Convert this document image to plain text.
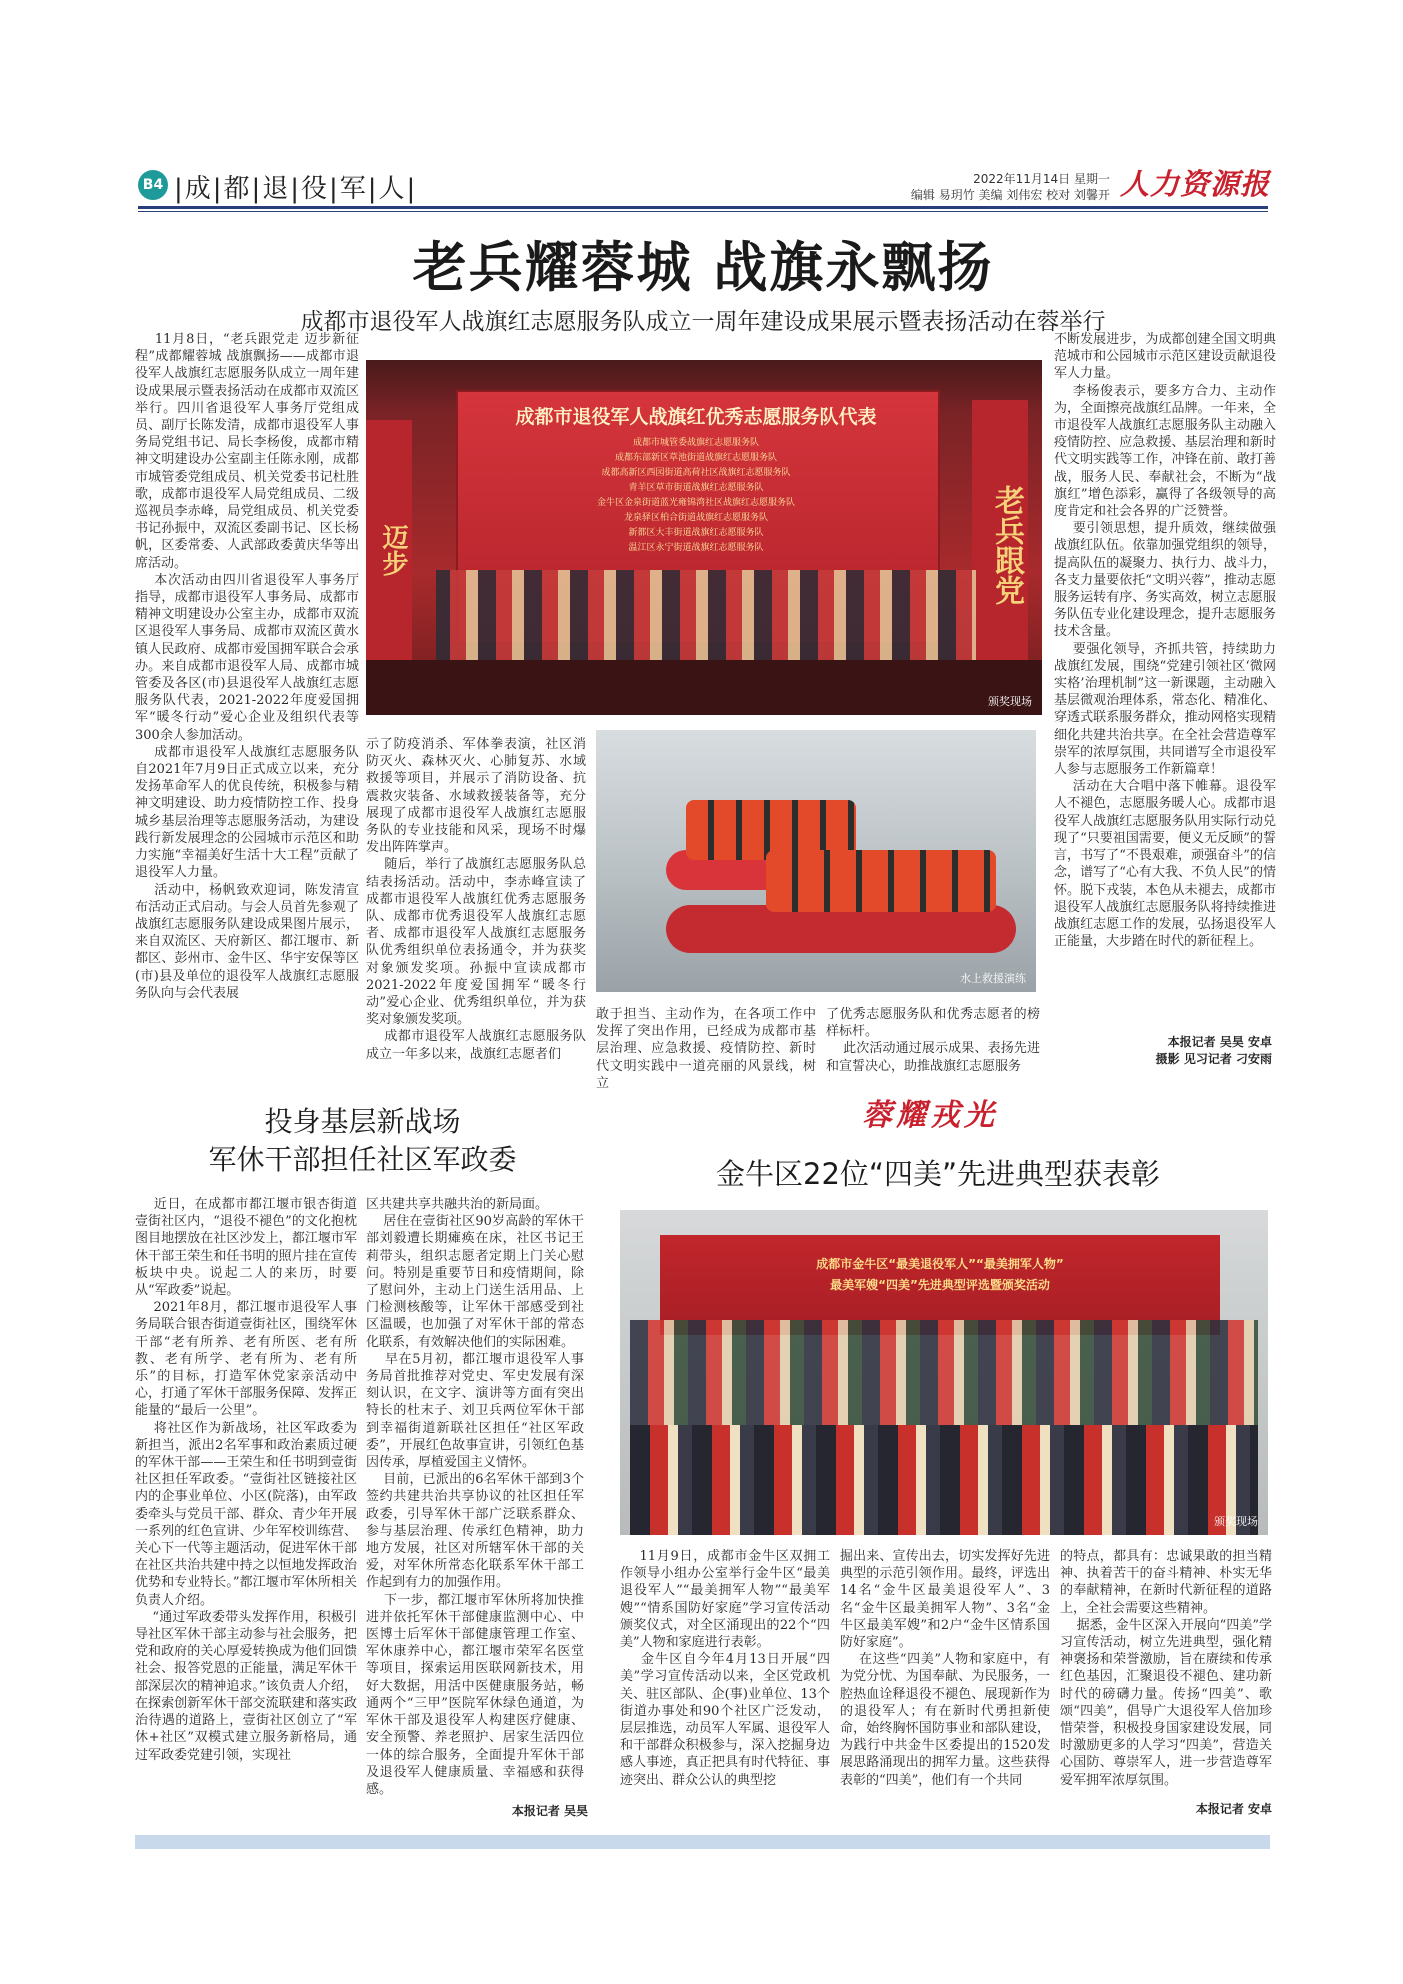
B4 |成|都|退|役|军|人|	2022年11月14日 星期一
编辑 易玥竹 美编 刘伟宏 校对 刘馨开 人力资源报
老兵耀蓉城 战旗永飘扬
成都市退役军人战旗红志愿服务队成立一周年建设成果展示暨表扬活动在蓉举行
11月8日，“老兵跟党走 迈步新征程”成都耀蓉城 战旗飘扬——成都市退役军人战旗红志愿服务队成立一周年建设成果展示暨表扬活动在成都市双流区举行。四川省退役军人事务厅党组成员、副厅长陈发清，成都市退役军人事务局党组书记、局长李杨俊，成都市精神文明建设办公室副主任陈永刚，成都市城管委党组成员、机关党委书记杜胜歌，成都市退役军人局党组成员、二级巡视员李赤峰，局党组成员、机关党委书记孙振中，双流区委副书记、区长杨帆，区委常委、人武部政委黄庆华等出席活动。
本次活动由四川省退役军人事务厅指导，成都市退役军人事务局、成都市精神文明建设办公室主办，成都市双流区退役军人事务局、成都市双流区黄水镇人民政府、成都市爱国拥军联合会承办。来自成都市退役军人局、成都市城管委及各区(市)县退役军人战旗红志愿服务队代表，2021-2022年度爱国拥军“暖冬行动”爱心企业及组织代表等300余人参加活动。
成都市退役军人战旗红志愿服务队自2021年7月9日正式成立以来，充分发扬革命军人的优良传统，积极参与精神文明建设、助力疫情防控工作、投身城乡基层治理等志愿服务活动，为建设践行新发展理念的公园城市示范区和助力实施“幸福美好生活十大工程”贡献了退役军人力量。
活动中，杨帆致欢迎词，陈发清宣布活动正式启动。与会人员首先参观了战旗红志愿服务队建设成果图片展示，来自双流区、天府新区、都江堰市、新都区、彭州市、金牛区、华宇安保等区(市)县及单位的退役军人战旗红志愿服务队向与会代表展
示了防疫消杀、军体拳表演，社区消防灭火、森林灭火、心肺复苏、水域救援等项目，并展示了消防设备、抗震救灾装备、水域救援装备等，充分展现了成都市退役军人战旗红志愿服务队的专业技能和风采，现场不时爆发出阵阵掌声。
随后，举行了战旗红志愿服务队总结表扬活动。活动中，李赤峰宣读了成都市退役军人战旗红优秀志愿服务队、成都市优秀退役军人战旗红志愿者、成都市退役军人战旗红志愿服务队优秀组织单位表扬通令，并为获奖对象颁发奖项。孙振中宣读成都市2021-2022年度爱国拥军“暖冬行动”爱心企业、优秀组织单位，并为获奖对象颁发奖项。
成都市退役军人战旗红志愿服务队成立一年多以来，战旗红志愿者们
敢于担当、主动作为，在各项工作中发挥了突出作用，已经成为成都市基层治理、应急救援、疫情防控、新时代文明实践中一道亮丽的风景线，树立
了优秀志愿服务队和优秀志愿者的榜样标杆。
此次活动通过展示成果、表扬先进和宣誓决心，助推战旗红志愿服务
不断发展进步，为成都创建全国文明典范城市和公园城市示范区建设贡献退役军人力量。
李杨俊表示，要多方合力、主动作为，全面擦亮战旗红品牌。一年来，全市退役军人战旗红志愿服务队主动融入疫情防控、应急救援、基层治理和新时代文明实践等工作，冲锋在前、敢打善战，服务人民、奉献社会，不断为“战旗红”增色添彩，赢得了各级领导的高度肯定和社会各界的广泛赞誉。
要引领思想，提升质效，继续做强战旗红队伍。依靠加强党组织的领导，提高队伍的凝聚力、执行力、战斗力，各支力量要依托“文明兴蓉”，推动志愿服务运转有序、务实高效，树立志愿服务队伍专业化建设理念，提升志愿服务技术含量。
要强化领导，齐抓共管，持续助力战旗红发展，围绕“党建引领社区‘微网实格’治理机制”这一新课题，主动融入基层微观治理体系，常态化、精准化、穿透式联系服务群众，推动网格实现精细化共建共治共享。在全社会营造尊军崇军的浓厚氛围，共同谱写全市退役军人参与志愿服务工作新篇章！
活动在大合唱中落下帷幕。退役军人不褪色，志愿服务暖人心。成都市退役军人战旗红志愿服务队用实际行动兑现了“只要祖国需要，便义无反顾”的誓言，书写了“不畏艰难，顽强奋斗”的信念，谱写了“心有大我、不负人民”的情怀。脱下戎装，本色从未褪去，成都市退役军人战旗红志愿服务队将持续推进战旗红志愿工作的发展，弘扬退役军人正能量，大步踏在时代的新征程上。
本报记者 吴昊 安卓
摄影 见习记者 刁安雨
成都市退役军人战旗红优秀志愿服务队代表
成都市城管委战旗红志愿服务队
成都东部新区草池街道战旗红志愿服务队
成都高新区西园街道高荷社区战旗红志愿服务队
青羊区草市街道战旗红志愿服务队
金牛区金泉街道蓝光雍锦湾社区战旗红志愿服务队
龙泉驿区柏合街道战旗红志愿服务队
新都区大丰街道战旗红志愿服务队
温江区永宁街道战旗红志愿服务队
迈步	老兵跟党
颁奖现场
水上救援演练
投身基层新战场
军休干部担任社区军政委
近日，在成都市都江堰市银杏街道壹街社区内，“退役不褪色”的文化抱枕图目地摆放在社区沙发上，都江堰市军休干部王荣生和任书明的照片挂在宣传板块中央。说起二人的来历，时要从“军政委”说起。
2021年8月，都江堰市退役军人事务局联合银杏街道壹街社区，围绕军休干部“老有所养、老有所医、老有所教、老有所学、老有所为、老有所乐”的目标，打造军休党家亲活动中心，打通了军休干部服务保障、发挥正能量的“最后一公里”。
将社区作为新战场，社区军政委为新担当，派出2名军事和政治素质过硬的军休干部——王荣生和任书明到壹街社区担任军政委。“壹街社区链接社区内的企事业单位、小区(院落)，由军政委牵头与党员干部、群众、青少年开展一系列的红色宣讲、少年军校训练营、关心下一代等主题活动，促进军休干部在社区共治共建中持之以恒地发挥政治优势和专业特长。”都江堰市军休所相关负责人介绍。
“通过军政委带头发挥作用，积极引导社区军休干部主动参与社会服务，把党和政府的关心厚爱转换成为他们回馈社会、报答党恩的正能量，满足军休干部深层次的精神追求。”该负责人介绍，在探索创新军休干部交流联建和落实政治待遇的道路上，壹街社区创立了“军休+社区”双模式建立服务新格局，通过军政委党建引领，实现社
区共建共享共融共治的新局面。
居住在壹街社区90岁高龄的军休干部刘毅遭长期瘫痪在床，社区书记王莉带头，组织志愿者定期上门关心慰问。特别是重要节日和疫情期间，除了慰问外，主动上门送生活用品、上门检测核酸等，让军休干部感受到社区温暖，也加强了对军休干部的常态化联系，有效解决他们的实际困难。
早在5月初，都江堰市退役军人事务局首批推荐对党史、军史发展有深刻认识，在文字、演讲等方面有突出特长的杜末子、刘卫兵两位军休干部到幸福街道新联社区担任“社区军政委”，开展红色故事宣讲，引领红色基因传承，厚植爱国主义情怀。
目前，已派出的6名军休干部到3个签约共建共治共享协议的社区担任军政委，引导军休干部广泛联系群众、参与基层治理、传承红色精神，助力地方发展，社区对所辖军休干部的关爱，对军休所常态化联系军休干部工作起到有力的加强作用。
下一步，都江堰市军休所将加快推进并依托军休干部健康监测中心、中医博士后军休干部健康管理工作室、军休康养中心，都江堰市荣军名医堂等项目，探索运用医联网新技术，用好大数据，用活中医健康服务站，畅通两个“三甲”医院军休绿色通道，为军休干部及退役军人构建医疗健康、安全预警、养老照护、居家生活四位一体的综合服务，全面提升军休干部及退役军人健康质量、幸福感和获得感。
本报记者 吴昊
蓉耀戎光
金牛区22位“四美”先进典型获表彰
成都市金牛区“最美退役军人”“最美拥军人物”
最美军嫂“四美”先进典型评选暨颁奖活动
颁奖现场
11月9日，成都市金牛区双拥工作领导小组办公室举行金牛区“最美退役军人”“最美拥军人物”“最美军嫂”“情系国防好家庭”学习宣传活动颁奖仪式，对全区涌现出的22个“四美”人物和家庭进行表彰。
金牛区自今年4月13日开展“四美”学习宣传活动以来，全区党政机关、驻区部队、企(事)业单位、13个街道办事处和90个社区广泛发动，层层推选，动员军人军属、退役军人和干部群众积极参与，深入挖掘身边感人事迹，真正把具有时代特征、事迹突出、群众公认的典型挖
掘出来、宣传出去，切实发挥好先进典型的示范引领作用。最终，评选出14名“金牛区最美退役军人”、3名“金牛区最美拥军人物”、3名“金牛区最美军嫂”和2户“金牛区情系国防好家庭”。
在这些“四美”人物和家庭中，有为党分忧、为国奉献、为民服务，一腔热血诠释退役不褪色、展现新作为的退役军人；有在新时代勇担新使命，始终胸怀国防事业和部队建设，为践行中共金牛区委提出的1520发展思路涌现出的拥军力量。这些获得表彰的“四美”，他们有一个共同
的特点，都具有：忠诚果敢的担当精神、执着苦干的奋斗精神、朴实无华的奉献精神，在新时代新征程的道路上，全社会需要这些精神。
据悉，金牛区深入开展向“四美”学习宣传活动，树立先进典型，强化精神褒扬和荣誉激励，旨在赓续和传承红色基因，汇聚退役不褪色、建功新时代的磅礴力量。传扬“四美”、歌颂“四美”，倡导广大退役军人倍加珍惜荣誉，积极投身国家建设发展，同时激励更多的人学习“四美”，营造关心国防、尊崇军人，进一步营造尊军爱军拥军浓厚氛围。
本报记者 安卓
